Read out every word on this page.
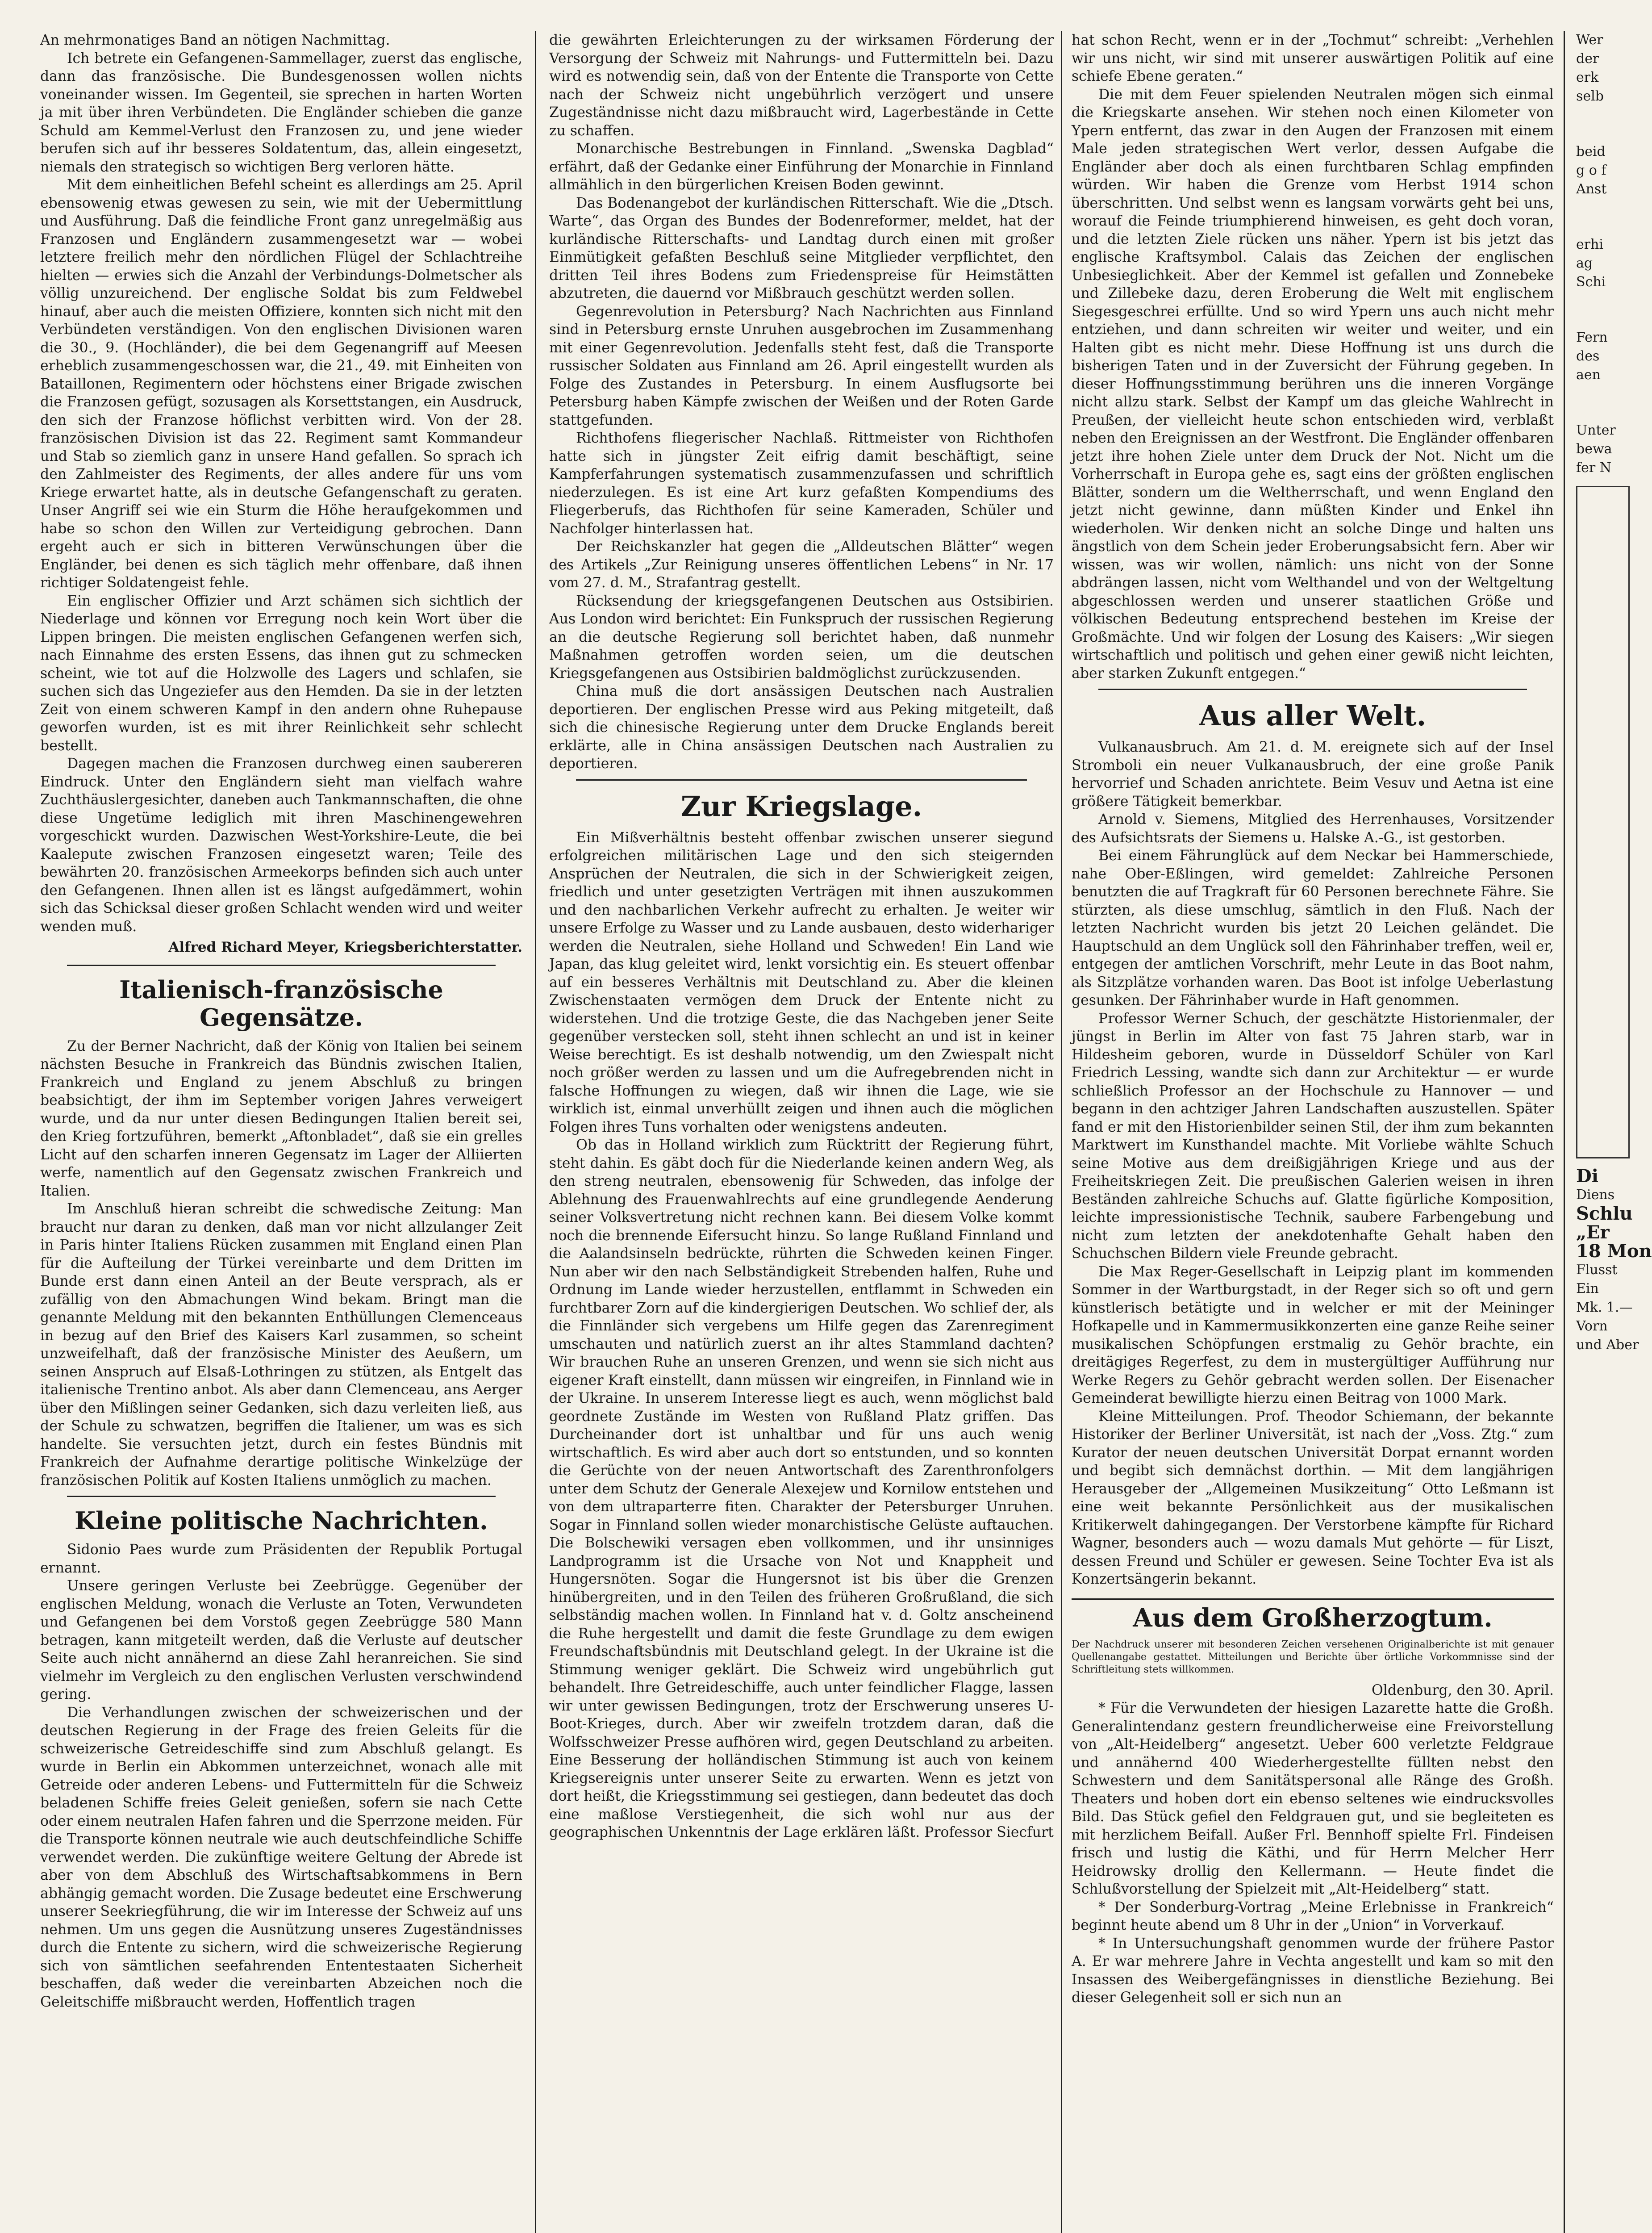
An mehrmonatiges Band an nötigen Nachmittag.

Ich betrete ein Gefangenen-Sammellager, zuerst das englische, dann das französische. Die Bundesgenossen wollen nichts voneinander wissen. Im Gegenteil, sie sprechen in harten Worten ja mit über ihren Verbündeten. Die Engländer schieben die ganze Schuld am Kemmel-Verlust den Franzosen zu, und jene wieder berufen sich auf ihr besseres Soldatentum, das, allein eingesetzt, niemals den strategisch so wichtigen Berg verloren hätte.

Mit dem einheitlichen Befehl scheint es allerdings am 25. April ebensowenig etwas gewesen zu sein, wie mit der Uebermittlung und Ausführung. Daß die feindliche Front ganz unregelmäßig aus Franzosen und Engländern zusammengesetzt war — wobei letztere freilich mehr den nördlichen Flügel der Schlachtreihe hielten — erwies sich die Anzahl der Verbindungs-Dolmetscher als völlig unzureichend. Der englische Soldat bis zum Feldwebel hinauf, aber auch die meisten Offiziere, konnten sich nicht mit den Verbündeten verständigen. Von den englischen Divisionen waren die 30., 9. (Hochländer), die bei dem Gegenangriff auf Meesen erheblich zusammengeschossen war, die 21., 49. mit Einheiten von Bataillonen, Regimentern oder höchstens einer Brigade zwischen die Franzosen gefügt, sozusagen als Korsettstangen, ein Ausdruck, den sich der Franzose höflichst verbitten wird. Von der 28. französischen Division ist das 22. Regiment samt Kommandeur und Stab so ziemlich ganz in unsere Hand gefallen. So sprach ich den Zahlmeister des Regiments, der alles andere für uns vom Kriege erwartet hatte, als in deutsche Gefangenschaft zu geraten. Unser Angriff sei wie ein Sturm die Höhe heraufgekommen und habe so schon den Willen zur Verteidigung gebrochen. Dann ergeht auch er sich in bitteren Verwünschungen über die Engländer, bei denen es sich täglich mehr offenbare, daß ihnen richtiger Soldatengeist fehle.

Ein englischer Offizier und Arzt schämen sich sichtlich der Niederlage und können vor Erregung noch kein Wort über die Lippen bringen. Die meisten englischen Gefangenen werfen sich, nach Einnahme des ersten Essens, das ihnen gut zu schmecken scheint, wie tot auf die Holzwolle des Lagers und schlafen, sie suchen sich das Ungeziefer aus den Hemden. Da sie in der letzten Zeit von einem schweren Kampf in den andern ohne Ruhepause geworfen wurden, ist es mit ihrer Reinlichkeit sehr schlecht bestellt.

Dagegen machen die Franzosen durchweg einen saubereren Eindruck. Unter den Engländern sieht man vielfach wahre Zuchthäuslergesichter, daneben auch Tankmannschaften, die ohne diese Ungetüme lediglich mit ihren Maschinengewehren vorgeschickt wurden. Dazwischen West-Yorkshire-Leute, die bei Kaalepute zwischen Franzosen eingesetzt waren; Teile des bewährten 20. französischen Armeekorps befinden sich auch unter den Gefangenen. Ihnen allen ist es längst aufgedämmert, wohin sich das Schicksal dieser großen Schlacht wenden wird und weiter wenden muß.

Alfred Richard Meyer, Kriegsberichterstatter.
Italienisch-französische Gegensätze.

Zu der Berner Nachricht, daß der König von Italien bei seinem nächsten Besuche in Frankreich das Bündnis zwischen Italien, Frankreich und England zu jenem Abschluß zu bringen beabsichtigt, der ihm im September vorigen Jahres verweigert wurde, und da nur unter diesen Bedingungen Italien bereit sei, den Krieg fortzuführen, bemerkt „Aftonbladet“, daß sie ein grelles Licht auf den scharfen inneren Gegensatz im Lager der Alliierten werfe, namentlich auf den Gegensatz zwischen Frankreich und Italien.

Im Anschluß hieran schreibt die schwedische Zeitung: Man braucht nur daran zu denken, daß man vor nicht allzulanger Zeit in Paris hinter Italiens Rücken zusammen mit England einen Plan für die Aufteilung der Türkei vereinbarte und dem Dritten im Bunde erst dann einen Anteil an der Beute versprach, als er zufällig von den Abmachungen Wind bekam. Bringt man die genannte Meldung mit den bekannten Enthüllungen Clemenceaus in bezug auf den Brief des Kaisers Karl zusammen, so scheint unzweifelhaft, daß der französische Minister des Aeußern, um seinen Anspruch auf Elsaß-Lothringen zu stützen, als Entgelt das italienische Trentino anbot. Als aber dann Clemenceau, ans Aerger über den Mißlingen seiner Gedanken, sich dazu verleiten ließ, aus der Schule zu schwatzen, begriffen die Italiener, um was es sich handelte. Sie versuchten jetzt, durch ein festes Bündnis mit Frankreich der Aufnahme derartige politische Winkelzüge der französischen Politik auf Kosten Italiens unmöglich zu machen.

Kleine politische Nachrichten.

Sidonio Paes wurde zum Präsidenten der Republik Portugal ernannt.

Unsere geringen Verluste bei Zeebrügge. Gegenüber der englischen Meldung, wonach die Verluste an Toten, Verwundeten und Gefangenen bei dem Vorstoß gegen Zeebrügge 580 Mann betragen, kann mitgeteilt werden, daß die Verluste auf deutscher Seite auch nicht annähernd an diese Zahl heranreichen. Sie sind vielmehr im Vergleich zu den englischen Verlusten verschwindend gering.

Die Verhandlungen zwischen der schweizerischen und der deutschen Regierung in der Frage des freien Geleits für die schweizerische Getreideschiffe sind zum Abschluß gelangt. Es wurde in Berlin ein Abkommen unterzeichnet, wonach alle mit Getreide oder anderen Lebens- und Futtermitteln für die Schweiz beladenen Schiffe freies Geleit genießen, sofern sie nach Cette oder einem neutralen Hafen fahren und die Sperrzone meiden. Für die Transporte können neutrale wie auch deutschfeindliche Schiffe verwendet werden. Die zukünftige weitere Geltung der Abrede ist aber von dem Abschluß des Wirtschaftsabkommens in Bern abhängig gemacht worden. Die Zusage bedeutet eine Erschwerung unserer Seekriegführung, die wir im Interesse der Schweiz auf uns nehmen. Um uns gegen die Ausnützung unseres Zugeständnisses durch die Entente zu sichern, wird die schweizerische Regierung sich von sämtlichen seefahrenden Ententestaaten Sicherheit beschaffen, daß weder die vereinbarten Abzeichen noch die Geleitschiffe mißbraucht werden, Hoffentlich tragen

die gewährten Erleichterungen zu der wirksamen Förderung der Versorgung der Schweiz mit Nahrungs- und Futtermitteln bei. Dazu wird es notwendig sein, daß von der Entente die Transporte von Cette nach der Schweiz nicht ungebührlich verzögert und unsere Zugeständnisse nicht dazu mißbraucht wird, Lagerbestände in Cette zu schaffen.

Monarchische Bestrebungen in Finnland. „Swenska Dagblad“ erfährt, daß der Gedanke einer Einführung der Monarchie in Finnland allmählich in den bürgerlichen Kreisen Boden gewinnt.

Das Bodenangebot der kurländischen Ritterschaft. Wie die „Dtsch. Warte“, das Organ des Bundes der Bodenreformer, meldet, hat der kurländische Ritterschafts- und Landtag durch einen mit großer Einmütigkeit gefaßten Beschluß seine Mitglieder verpflichtet, den dritten Teil ihres Bodens zum Friedenspreise für Heimstätten abzutreten, die dauernd vor Mißbrauch geschützt werden sollen.

Gegenrevolution in Petersburg? Nach Nachrichten aus Finnland sind in Petersburg ernste Unruhen ausgebrochen im Zusammenhang mit einer Gegenrevolution. Jedenfalls steht fest, daß die Transporte russischer Soldaten aus Finnland am 26. April eingestellt wurden als Folge des Zustandes in Petersburg. In einem Ausflugsorte bei Petersburg haben Kämpfe zwischen der Weißen und der Roten Garde stattgefunden.

Richthofens fliegerischer Nachlaß. Rittmeister von Richthofen hatte sich in jüngster Zeit eifrig damit beschäftigt, seine Kampferfahrungen systematisch zusammenzufassen und schriftlich niederzulegen. Es ist eine Art kurz gefaßten Kompendiums des Fliegerberufs, das Richthofen für seine Kameraden, Schüler und Nachfolger hinterlassen hat.

Der Reichskanzler hat gegen die „Alldeutschen Blätter“ wegen des Artikels „Zur Reinigung unseres öffentlichen Lebens“ in Nr. 17 vom 27. d. M., Strafantrag gestellt.

Rücksendung der kriegsgefangenen Deutschen aus Ostsibirien. Aus London wird berichtet: Ein Funkspruch der russischen Regierung an die deutsche Regierung soll berichtet haben, daß nunmehr Maßnahmen getroffen worden seien, um die deutschen Kriegsgefangenen aus Ostsibirien baldmöglichst zurückzusenden.

China muß die dort ansässigen Deutschen nach Australien deportieren. Der englischen Presse wird aus Peking mitgeteilt, daß sich die chinesische Regierung unter dem Drucke Englands bereit erklärte, alle in China ansässigen Deutschen nach Australien zu deportieren.

Zur Kriegslage.

Ein Mißverhältnis besteht offenbar zwischen unserer siegund erfolgreichen militärischen Lage und den sich steigernden Ansprüchen der Neutralen, die sich in der Schwierigkeit zeigen, friedlich und unter gesetzigten Verträgen mit ihnen auszukommen und den nachbarlichen Verkehr aufrecht zu erhalten. Je weiter wir unsere Erfolge zu Wasser und zu Lande ausbauen, desto widerhariger werden die Neutralen, siehe Holland und Schweden! Ein Land wie Japan, das klug geleitet wird, lenkt vorsichtig ein. Es steuert offenbar auf ein besseres Verhältnis mit Deutschland zu. Aber die kleinen Zwischenstaaten vermögen dem Druck der Entente nicht zu widerstehen. Und die trotzige Geste, die das Nachgeben jener Seite gegenüber verstecken soll, steht ihnen schlecht an und ist in keiner Weise berechtigt. Es ist deshalb notwendig, um den Zwiespalt nicht noch größer werden zu lassen und um die Aufregebrenden nicht in falsche Hoffnungen zu wiegen, daß wir ihnen die Lage, wie sie wirklich ist, einmal unverhüllt zeigen und ihnen auch die möglichen Folgen ihres Tuns vorhalten oder wenigstens andeuten.

Ob das in Holland wirklich zum Rücktritt der Regierung führt, steht dahin. Es gäbt doch für die Niederlande keinen andern Weg, als den streng neutralen, ebensowenig für Schweden, das infolge der Ablehnung des Frauenwahlrechts auf eine grundlegende Aenderung seiner Volksvertretung nicht rechnen kann. Bei diesem Volke kommt noch die brennende Eifersucht hinzu. So lange Rußland Finnland und die Aalandsinseln bedrückte, rührten die Schweden keinen Finger. Nun aber wir den nach Selbständigkeit Strebenden halfen, Ruhe und Ordnung im Lande wieder herzustellen, entflammt in Schweden ein furchtbarer Zorn auf die kindergierigen Deutschen. Wo schlief der, als die Finnländer sich vergebens um Hilfe gegen das Zarenregiment umschauten und natürlich zuerst an ihr altes Stammland dachten? Wir brauchen Ruhe an unseren Grenzen, und wenn sie sich nicht aus eigener Kraft einstellt, dann müssen wir eingreifen, in Finnland wie in der Ukraine. In unserem Interesse liegt es auch, wenn möglichst bald geordnete Zustände im Westen von Rußland Platz griffen. Das Durcheinander dort ist unhaltbar und für uns auch wenig wirtschaftlich. Es wird aber auch dort so entstunden, und so konnten die Gerüchte von der neuen Antwortschaft des Zarenthronfolgers unter dem Schutz der Generale Alexejew und Kornilow entstehen und von dem ultraparterre fiten. Charakter der Petersburger Unruhen. Sogar in Finnland sollen wieder monarchistische Gelüste auftauchen. Die Bolschewiki versagen eben vollkommen, und ihr unsinniges Landprogramm ist die Ursache von Not und Knappheit und Hungersnöten. Sogar die Hungersnot ist bis über die Grenzen hinübergreiten, und in den Teilen des früheren Großrußland, die sich selbständig machen wollen. In Finnland hat v. d. Goltz anscheinend die Ruhe hergestellt und damit die feste Grundlage zu dem ewigen Freundschaftsbündnis mit Deutschland gelegt. In der Ukraine ist die Stimmung weniger geklärt. Die Schweiz wird ungebührlich gut behandelt. Ihre Getreideschiffe, auch unter feindlicher Flagge, lassen wir unter gewissen Bedingungen, trotz der Erschwerung unseres U-Boot-Krieges, durch. Aber wir zweifeln trotzdem daran, daß die Wolfsschweizer Presse aufhören wird, gegen Deutschland zu arbeiten. Eine Besserung der holländischen Stimmung ist auch von keinem Kriegsereignis unter unserer Seite zu erwarten. Wenn es jetzt von dort heißt, die Kriegsstimmung sei gestiegen, dann bedeutet das doch eine maßlose Verstiegenheit, die sich wohl nur aus der geographischen Unkenntnis der Lage erklären läßt. Professor Siecfurt

hat schon Recht, wenn er in der „Tochmut“ schreibt: „Verhehlen wir uns nicht, wir sind mit unserer auswärtigen Politik auf eine schiefe Ebene geraten.“

Die mit dem Feuer spielenden Neutralen mögen sich einmal die Kriegskarte ansehen. Wir stehen noch einen Kilometer von Ypern entfernt, das zwar in den Augen der Franzosen mit einem Male jeden strategischen Wert verlor, dessen Aufgabe die Engländer aber doch als einen furchtbaren Schlag empfinden würden. Wir haben die Grenze vom Herbst 1914 schon überschritten. Und selbst wenn es langsam vorwärts geht bei uns, worauf die Feinde triumphierend hinweisen, es geht doch voran, und die letzten Ziele rücken uns näher. Ypern ist bis jetzt das englische Kraftsymbol. Calais das Zeichen der englischen Unbesieglichkeit. Aber der Kemmel ist gefallen und Zonnebeke und Zillebeke dazu, deren Eroberung die Welt mit englischem Siegesgeschrei erfüllte. Und so wird Ypern uns auch nicht mehr entziehen, und dann schreiten wir weiter und weiter, und ein Halten gibt es nicht mehr. Diese Hoffnung ist uns durch die bisherigen Taten und in der Zuversicht der Führung gegeben. In dieser Hoffnungsstimmung berühren uns die inneren Vorgänge nicht allzu stark. Selbst der Kampf um das gleiche Wahlrecht in Preußen, der vielleicht heute schon entschieden wird, verblaßt neben den Ereignissen an der Westfront. Die Engländer offenbaren jetzt ihre hohen Ziele unter dem Druck der Not. Nicht um die Vorherrschaft in Europa gehe es, sagt eins der größten englischen Blätter, sondern um die Weltherrschaft, und wenn England den jetzt nicht gewinne, dann müßten Kinder und Enkel ihn wiederholen. Wir denken nicht an solche Dinge und halten uns ängstlich von dem Schein jeder Eroberungsabsicht fern. Aber wir wissen, was wir wollen, nämlich: uns nicht von der Sonne abdrängen lassen, nicht vom Welthandel und von der Weltgeltung abgeschlossen werden und unserer staatlichen Größe und völkischen Bedeutung entsprechend bestehen im Kreise der Großmächte. Und wir folgen der Losung des Kaisers: „Wir siegen wirtschaftlich und politisch und gehen einer gewiß nicht leichten, aber starken Zukunft entgegen.“

Aus aller Welt.

Vulkanausbruch. Am 21. d. M. ereignete sich auf der Insel Stromboli ein neuer Vulkanausbruch, der eine große Panik hervorrief und Schaden anrichtete. Beim Vesuv und Aetna ist eine größere Tätigkeit bemerkbar.

Arnold v. Siemens, Mitglied des Herrenhauses, Vorsitzender des Aufsichtsrats der Siemens u. Halske A.-G., ist gestorben.

Bei einem Fährunglück auf dem Neckar bei Hammerschiede, nahe Ober-Eßlingen, wird gemeldet: Zahlreiche Personen benutzten die auf Tragkraft für 60 Personen berechnete Fähre. Sie stürzten, als diese umschlug, sämtlich in den Fluß. Nach der letzten Nachricht wurden bis jetzt 20 Leichen geländet. Die Hauptschuld an dem Unglück soll den Fährinhaber treffen, weil er, entgegen der amtlichen Vorschrift, mehr Leute in das Boot nahm, als Sitzplätze vorhanden waren. Das Boot ist infolge Ueberlastung gesunken. Der Fährinhaber wurde in Haft genommen.

Professor Werner Schuch, der geschätzte Historienmaler, der jüngst in Berlin im Alter von fast 75 Jahren starb, war in Hildesheim geboren, wurde in Düsseldorf Schüler von Karl Friedrich Lessing, wandte sich dann zur Architektur — er wurde schließlich Professor an der Hochschule zu Hannover — und begann in den achtziger Jahren Landschaften auszustellen. Später fand er mit den Historienbilder seinen Stil, der ihm zum bekannten Marktwert im Kunsthandel machte. Mit Vorliebe wählte Schuch seine Motive aus dem dreißigjährigen Kriege und aus der Freiheitskriegen Zeit. Die preußischen Galerien weisen in ihren Beständen zahlreiche Schuchs auf. Glatte figürliche Komposition, leichte impressionistische Technik, saubere Farbengebung und nicht zum letzten der anekdotenhafte Gehalt haben den Schuchschen Bildern viele Freunde gebracht.

Die Max Reger-Gesellschaft in Leipzig plant im kommenden Sommer in der Wartburgstadt, in der Reger sich so oft und gern künstlerisch betätigte und in welcher er mit der Meininger Hofkapelle und in Kammermusikkonzerten eine ganze Reihe seiner musikalischen Schöpfungen erstmalig zu Gehör brachte, ein dreitägiges Regerfest, zu dem in mustergültiger Aufführung nur Werke Regers zu Gehör gebracht werden sollen. Der Eisenacher Gemeinderat bewilligte hierzu einen Beitrag von 1000 Mark.

Kleine Mitteilungen. Prof. Theodor Schiemann, der bekannte Historiker der Berliner Universität, ist nach der „Voss. Ztg.“ zum Kurator der neuen deutschen Universität Dorpat ernannt worden und begibt sich demnächst dorthin. — Mit dem langjährigen Herausgeber der „Allgemeinen Musikzeitung“ Otto Leßmann ist eine weit bekannte Persönlichkeit aus der musikalischen Kritikerwelt dahingegangen. Der Verstorbene kämpfte für Richard Wagner, besonders auch — wozu damals Mut gehörte — für Liszt, dessen Freund und Schüler er gewesen. Seine Tochter Eva ist als Konzertsängerin bekannt.

Aus dem Großherzogtum.
Der Nachdruck unserer mit besonderen Zeichen versehenen Originalberichte ist mit genauer Quellenangabe gestattet. Mitteilungen und Berichte über örtliche Vorkommnisse sind der Schriftleitung stets willkommen.
Oldenburg, den 30. April.

* Für die Verwundeten der hiesigen Lazarette hatte die Großh. Generalintendanz gestern freundlicherweise eine Freivorstellung von „Alt-Heidelberg“ angesetzt. Ueber 600 verletzte Feldgraue und annähernd 400 Wiederhergestellte füllten nebst den Schwestern und dem Sanitätspersonal alle Ränge des Großh. Theaters und hoben dort ein ebenso seltenes wie eindrucksvolles Bild. Das Stück gefiel den Feldgrauen gut, und sie begleiteten es mit herzlichem Beifall. Außer Frl. Bennhoff spielte Frl. Findeisen frisch und lustig die Käthi, und für Herrn Melcher Herr Heidrowsky drollig den Kellermann. — Heute findet die Schlußvorstellung der Spielzeit mit „Alt-Heidelberg“ statt.

* Der Sonderburg-Vortrag „Meine Erlebnisse in Frankreich“ beginnt heute abend um 8 Uhr in der „Union“ in Vorverkauf.

* In Untersuchungshaft genommen wurde der frühere Pastor A. Er war mehrere Jahre in Vechta angestellt und kam so mit den Insassen des Weibergefängnisses in dienstliche Beziehung. Bei dieser Gelegenheit soll er sich nun an

Wer
der
erk
selb
beid
g o f
Anst
erhi
ag
Schi
Fern
des
aen
Unter
bewa
fer N
Di
Diens
Schlu
„Er
18 Mon
Flusst
Ein
Mk. 1.—
Vorn
und Aber
